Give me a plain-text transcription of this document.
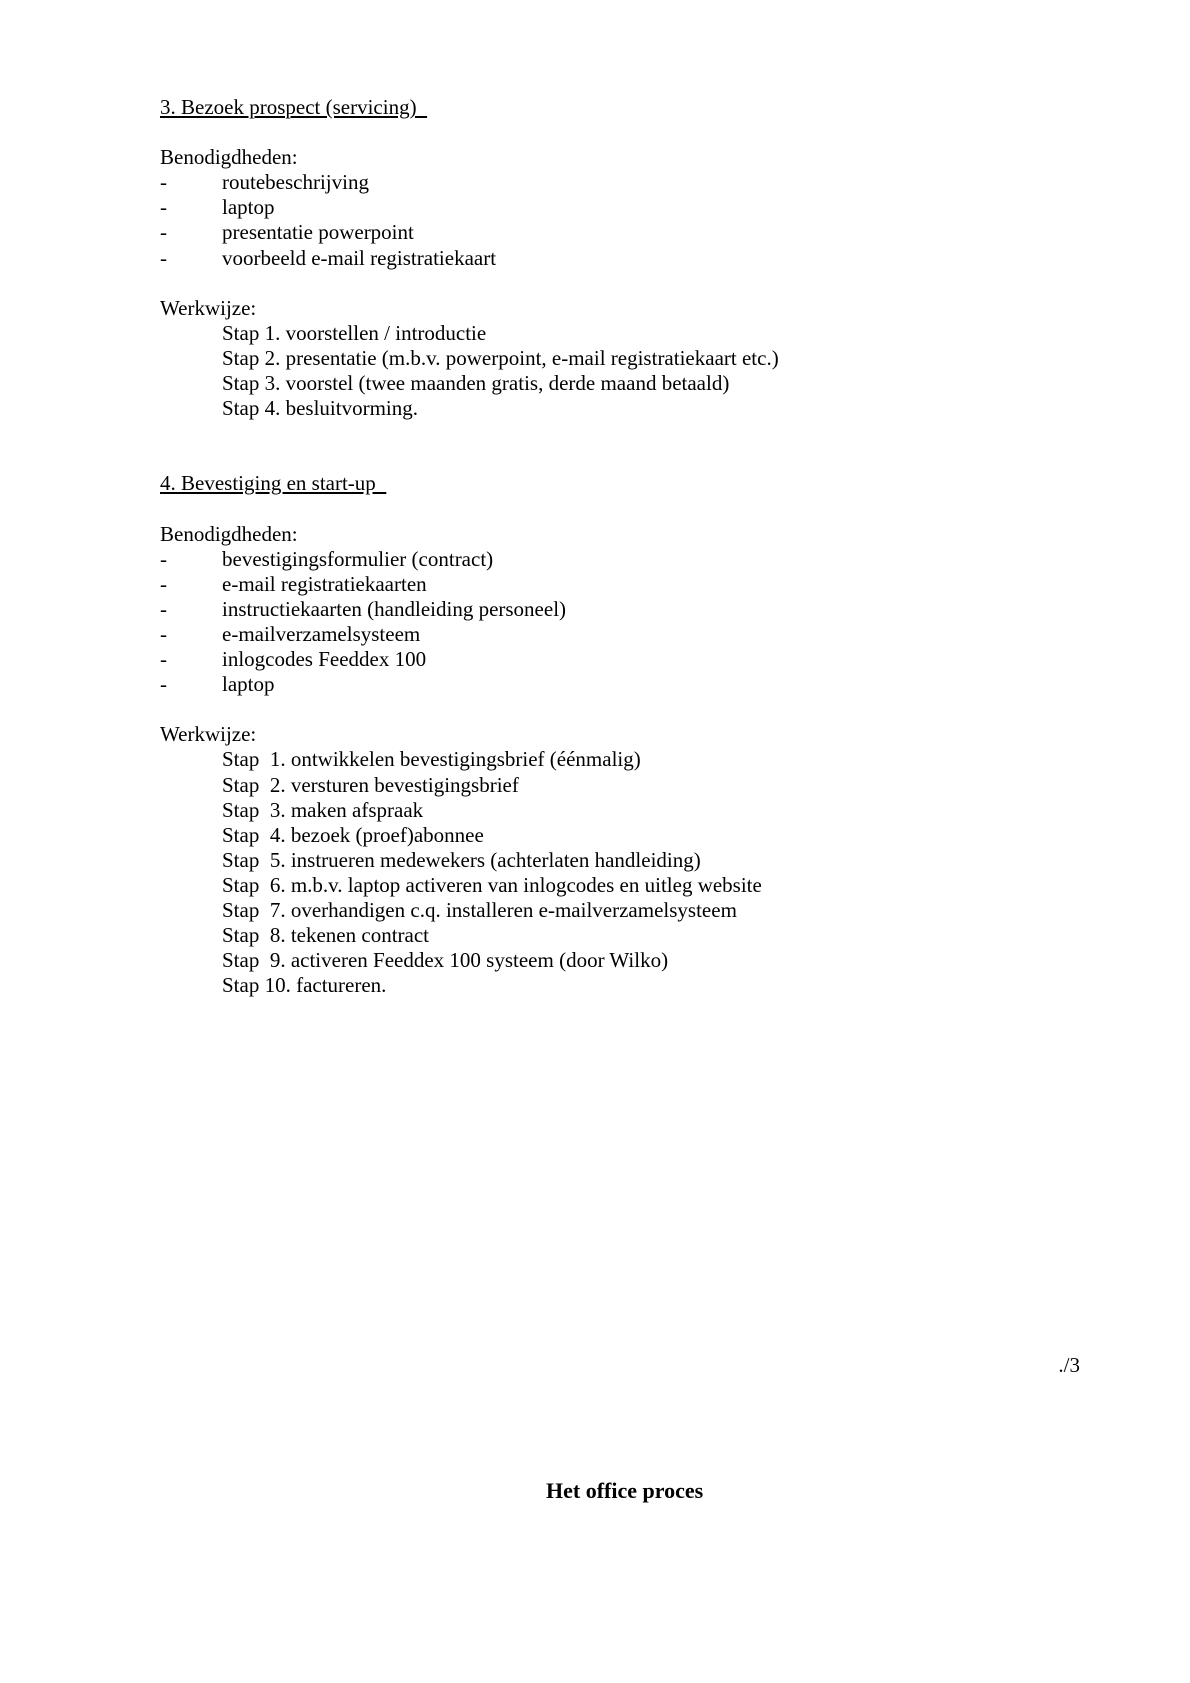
3. Bezoek prospect (servicing)
Benodigdheden:
-	routebeschrijving
-	laptop
-	presentatie powerpoint
-	voorbeeld e-mail registratiekaart
Werkwijze:
Stap 1. voorstellen / introductie
Stap 2. presentatie (m.b.v. powerpoint, e-mail registratiekaart etc.)
Stap 3. voorstel (twee maanden gratis, derde maand betaald)
Stap 4. besluitvorming.
4. Bevestiging en start-up
Benodigdheden:
-	bevestigingsformulier (contract)
-	e-mail registratiekaarten
-	instructiekaarten (handleiding personeel)
-	e-mailverzamelsysteem
-	inlogcodes Feeddex 100
-	laptop
Werkwijze:
Stap  1. ontwikkelen bevestigingsbrief (éénmalig)
Stap  2. versturen bevestigingsbrief
Stap  3. maken afspraak
Stap  4. bezoek (proef)abonnee
Stap  5. instrueren medewekers (achterlaten handleiding)
Stap  6. m.b.v. laptop activeren van inlogcodes en uitleg website
Stap  7. overhandigen c.q. installeren e-mailverzamelsysteem
Stap  8. tekenen contract
Stap  9. activeren Feeddex 100 systeem (door Wilko)
Stap 10. factureren.
./3
Het office proces
